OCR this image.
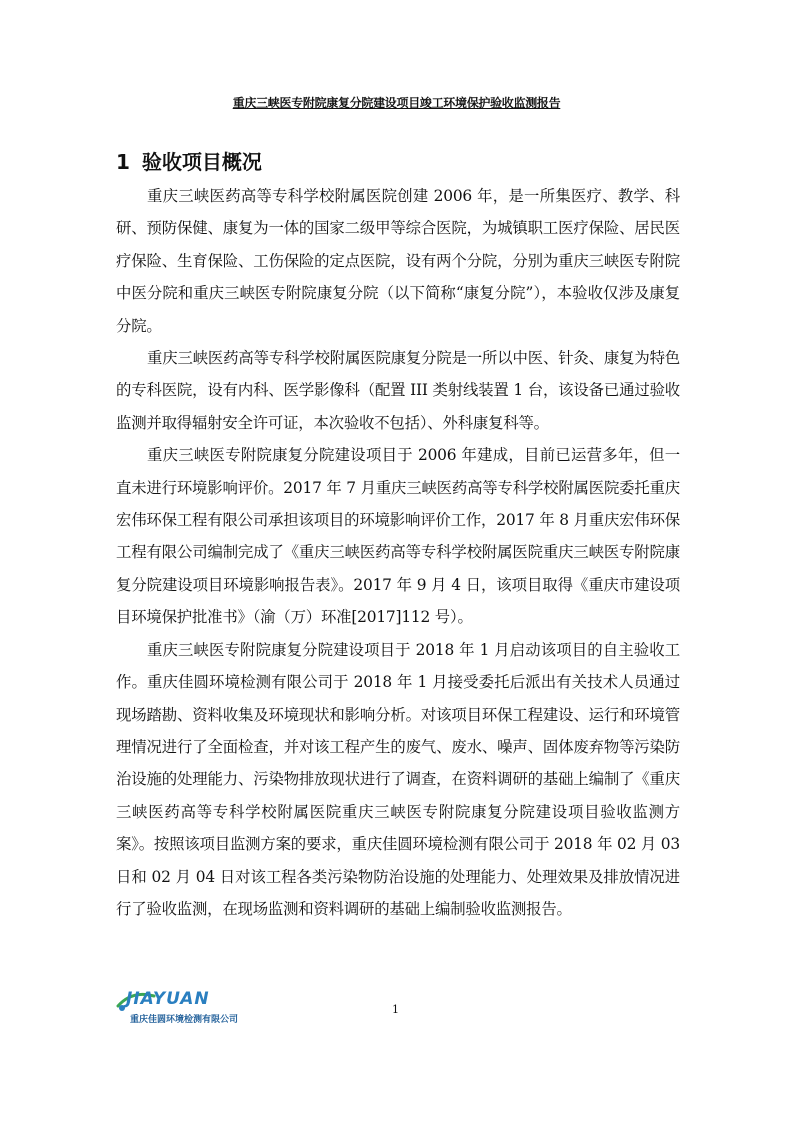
重庆三峡医专附院康复分院建设项目竣工环境保护验收监测报告
1 验收项目概况

重庆三峡医药高等专科学校附属医院创建 2006 年，是一所集医疗、教学、科研、预防保健、康复为一体的国家二级甲等综合医院，为城镇职工医疗保险、居民医疗保险、生育保险、工伤保险的定点医院，设有两个分院，分别为重庆三峡医专附院中医分院和重庆三峡医专附院康复分院（以下简称“康复分院”），本验收仅涉及康复分院。

重庆三峡医药高等专科学校附属医院康复分院是一所以中医、针灸、康复为特色的专科医院，设有内科、医学影像科（配置 III 类射线装置 1 台，该设备已通过验收监测并取得辐射安全许可证，本次验收不包括）、外科康复科等。

重庆三峡医专附院康复分院建设项目于 2006 年建成，目前已运营多年，但一直未进行环境影响评价。2017 年 7 月重庆三峡医药高等专科学校附属医院委托重庆宏伟环保工程有限公司承担该项目的环境影响评价工作，2017 年 8 月重庆宏伟环保工程有限公司编制完成了《重庆三峡医药高等专科学校附属医院重庆三峡医专附院康复分院建设项目环境影响报告表》。2017 年 9 月 4 日，该项目取得《重庆市建设项目环境保护批准书》（渝（万）环准[2017]112 号）。

重庆三峡医专附院康复分院建设项目于 2018 年 1 月启动该项目的自主验收工作。重庆佳圆环境检测有限公司于 2018 年 1 月接受委托后派出有关技术人员通过现场踏勘、资料收集及环境现状和影响分析。对该项目环保工程建设、运行和环境管理情况进行了全面检查，并对该工程产生的废气、废水、噪声、固体废弃物等污染防治设施的处理能力、污染物排放现状进行了调查，在资料调研的基础上编制了《重庆三峡医药高等专科学校附属医院重庆三峡医专附院康复分院建设项目验收监测方案》。按照该项目监测方案的要求，重庆佳圆环境检测有限公司于 2018 年 02 月 03 日和 02 月 04 日对该工程各类污染物防治设施的处理能力、处理效果及排放情况进行了验收监测，在现场监测和资料调研的基础上编制验收监测报告。

JIAYUAN
重庆佳圆环境检测有限公司
1
